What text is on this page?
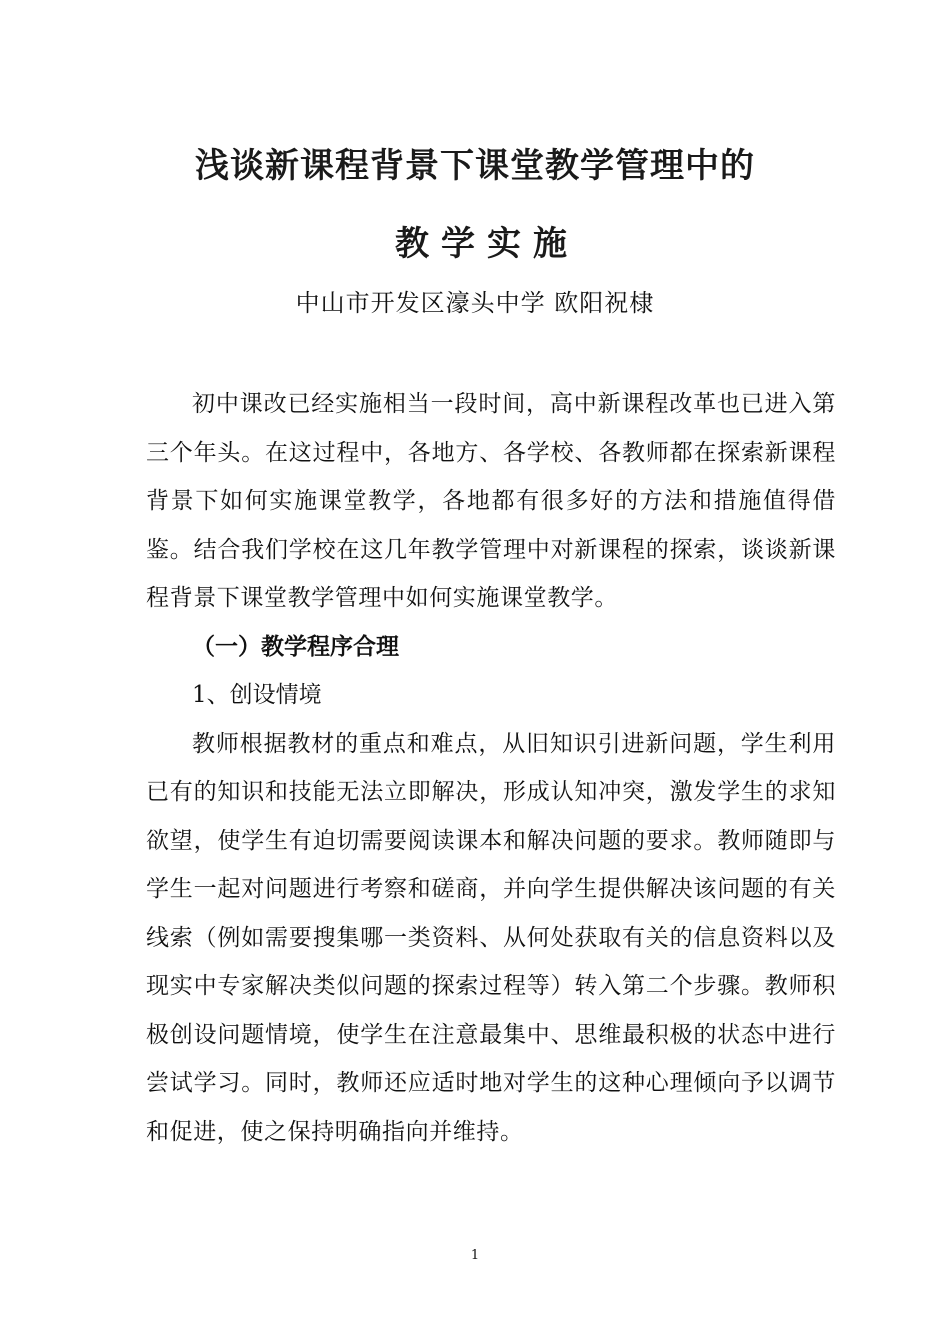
浅谈新课程背景下课堂教学管理中的
教学实施

中山市开发区濠头中学 欧阳祝棣

初中课改已经实施相当一段时间，高中新课程改革也已进入第三个年头。在这过程中，各地方、各学校、各教师都在探索新课程背景下如何实施课堂教学，各地都有很多好的方法和措施值得借鉴。结合我们学校在这几年教学管理中对新课程的探索，谈谈新课程背景下课堂教学管理中如何实施课堂教学。

（一）教学程序合理

1、创设情境

教师根据教材的重点和难点，从旧知识引进新问题，学生利用已有的知识和技能无法立即解决，形成认知冲突，激发学生的求知欲望，使学生有迫切需要阅读课本和解决问题的要求。教师随即与学生一起对问题进行考察和磋商，并向学生提供解决该问题的有关线索（例如需要搜集哪一类资料、从何处获取有关的信息资料以及现实中专家解决类似问题的探索过程等）转入第二个步骤。教师积极创设问题情境，使学生在注意最集中、思维最积极的状态中进行尝试学习。同时，教师还应适时地对学生的这种心理倾向予以调节和促进，使之保持明确指向并维持。

1
